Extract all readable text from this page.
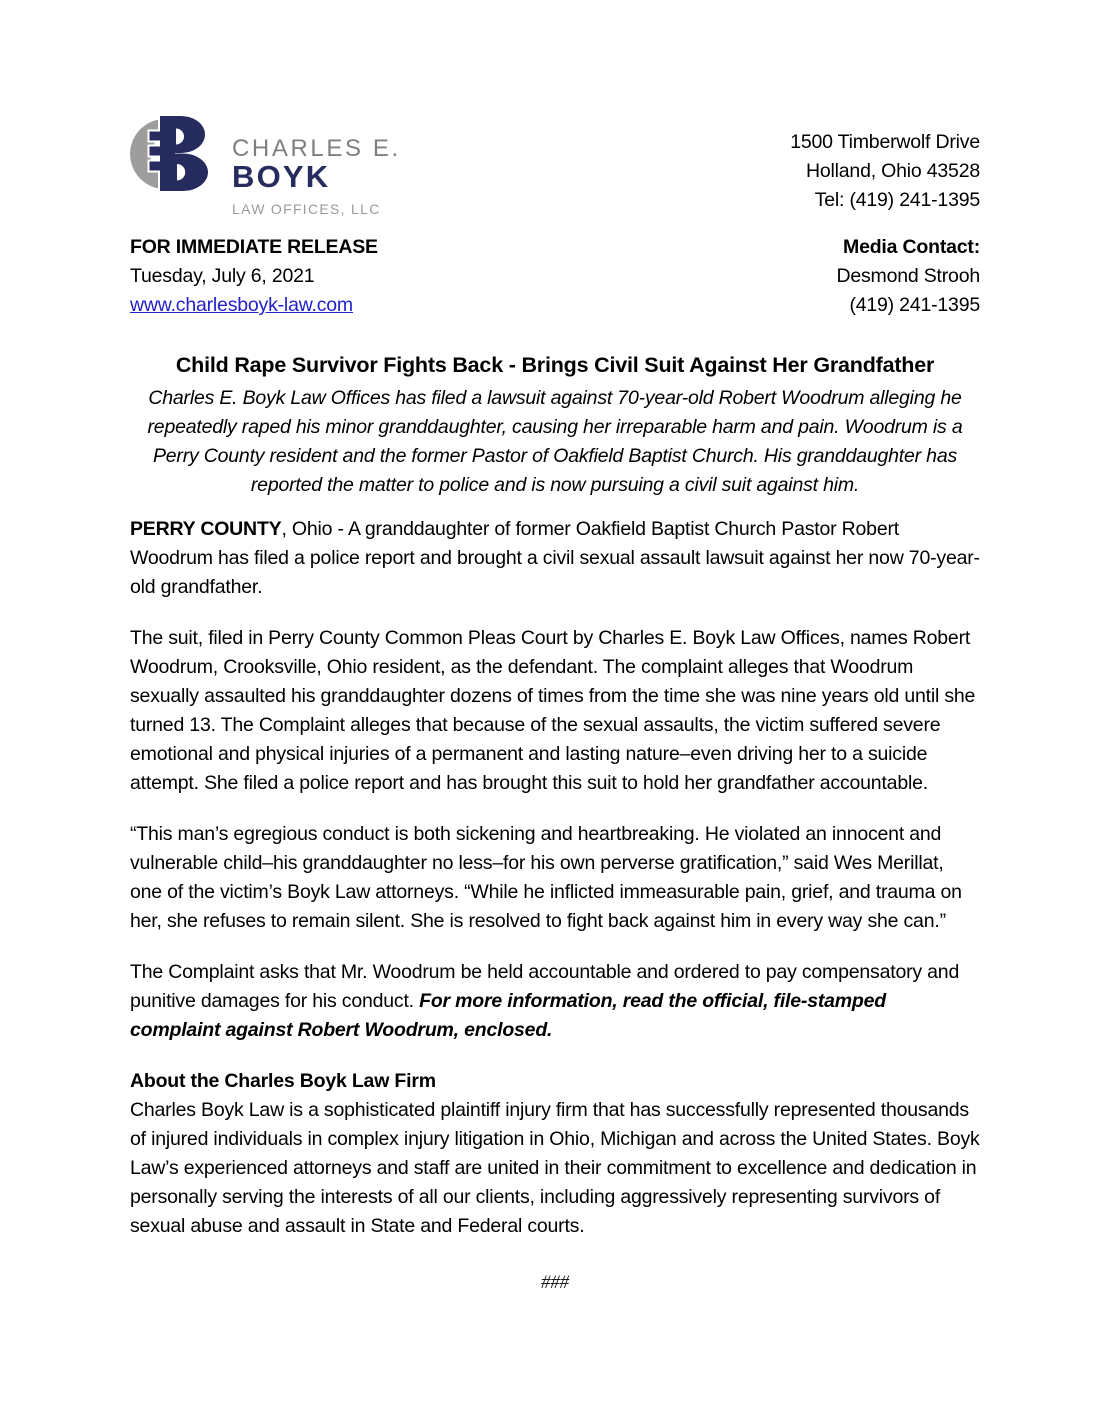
CHARLES E.
BOYK
LAW OFFICES, LLC
1500 Timberwolf Drive
Holland, Ohio 43528
Tel: (419) 241-1395
FOR IMMEDIATE RELEASE
Tuesday, July 6, 2021
www.charlesboyk-law.com
Media Contact:
Desmond Strooh
(419) 241-1395
Child Rape Survivor Fights Back - Brings Civil Suit Against Her Grandfather

Charles E. Boyk Law Offices has filed a lawsuit against 70-year-old Robert Woodrum alleging he repeatedly raped his minor granddaughter, causing her irreparable harm and pain. Woodrum is a Perry County resident and the former Pastor of Oakfield Baptist Church. His granddaughter has reported the matter to police and is now pursuing a civil suit against him.

PERRY COUNTY, Ohio - A granddaughter of former Oakfield Baptist Church Pastor Robert Woodrum has filed a police report and brought a civil sexual assault lawsuit against her now 70-year-old grandfather.

The suit, filed in Perry County Common Pleas Court by Charles E. Boyk Law Offices, names Robert Woodrum, Crooksville, Ohio resident, as the defendant. The complaint alleges that Woodrum sexually assaulted his granddaughter dozens of times from the time she was nine years old until she turned 13. The Complaint alleges that because of the sexual assaults, the victim suffered severe emotional and physical injuries of a permanent and lasting nature–even driving her to a suicide attempt. She filed a police report and has brought this suit to hold her grandfather accountable.

“This man’s egregious conduct is both sickening and heartbreaking. He violated an innocent and vulnerable child–his granddaughter no less–for his own perverse gratification,” said Wes Merillat, one of the victim’s Boyk Law attorneys. “While he inflicted immeasurable pain, grief, and trauma on her, she refuses to remain silent. She is resolved to fight back against him in every way she can.”

The Complaint asks that Mr. Woodrum be held accountable and ordered to pay compensatory and punitive damages for his conduct. For more information, read the official, file-stamped complaint against Robert Woodrum, enclosed.

About the Charles Boyk Law Firm

Charles Boyk Law is a sophisticated plaintiff injury firm that has successfully represented thousands of injured individuals in complex injury litigation in Ohio, Michigan and across the United States. Boyk Law’s experienced attorneys and staff are united in their commitment to excellence and dedication in personally serving the interests of all our clients, including aggressively representing survivors of sexual abuse and assault in State and Federal courts.

###
